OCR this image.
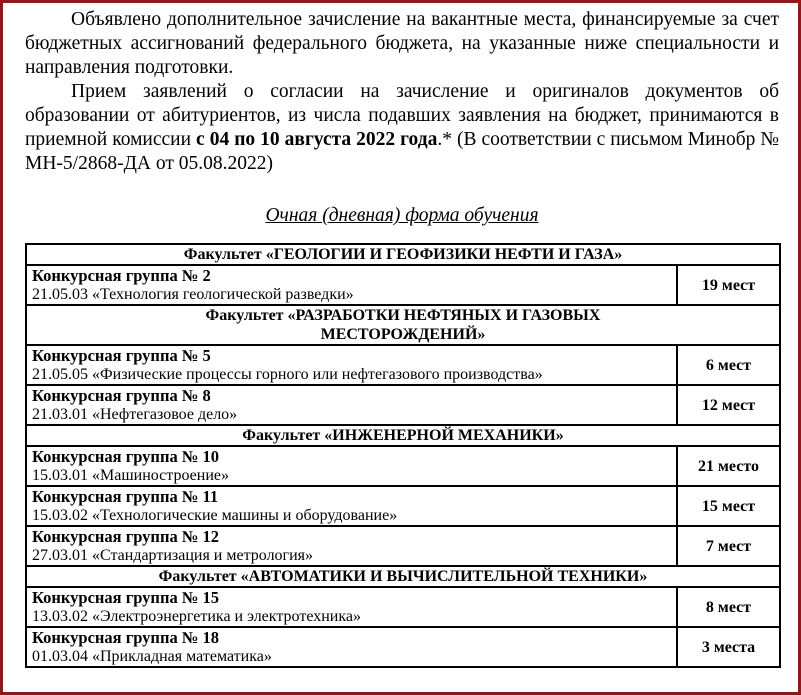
Объявлено дополнительное зачисление на вакантные места, финансируемые за счет бюджетных ассигнований федерального бюджета, на указанные ниже специальности и направления подготовки.

Прием заявлений о согласии на зачисление и оригиналов документов об образовании от абитуриентов, из числа подавших заявления на бюджет, принимаются в приемной комиссии с 04 по 10 августа 2022 года.* (В соответствии с письмом Минобр № МН-5/2868-ДА от 05.08.2022)

Очная (дневная) форма обучения
Факультет «ГЕОЛОГИИ И ГЕОФИЗИКИ НЕФТИ И ГАЗА»	

Конкурсная группа № 2
21.05.03 «Технология геологической разведки»	19 мест

Факультет «РАЗРАБОТКИ НЕФТЯНЫХ И ГАЗОВЫХ МЕСТОРОЖДЕНИЙ»	

Конкурсная группа № 5
21.05.05 «Физические процессы горного или нефтегазового производства»	6 мест

Конкурсная группа № 8
21.03.01 «Нефтегазовое дело»	12 мест
Факультет «ИНЖЕНЕРНОЙ МЕХАНИКИ»	

Конкурсная группа № 10
15.03.01 «Машиностроение»	21 место

Конкурсная группа № 11
15.03.02 «Технологические машины и оборудование»	15 мест

Конкурсная группа № 12
27.03.01 «Стандартизация и метрология»	7 мест
Факультет «АВТОМАТИКИ И ВЫЧИСЛИТЕЛЬНОЙ ТЕХНИКИ»	

Конкурсная группа № 15
13.03.02 «Электроэнергетика и электротехника»	8 мест

Конкурсная группа № 18
01.03.04 «Прикладная математика»	3 места
